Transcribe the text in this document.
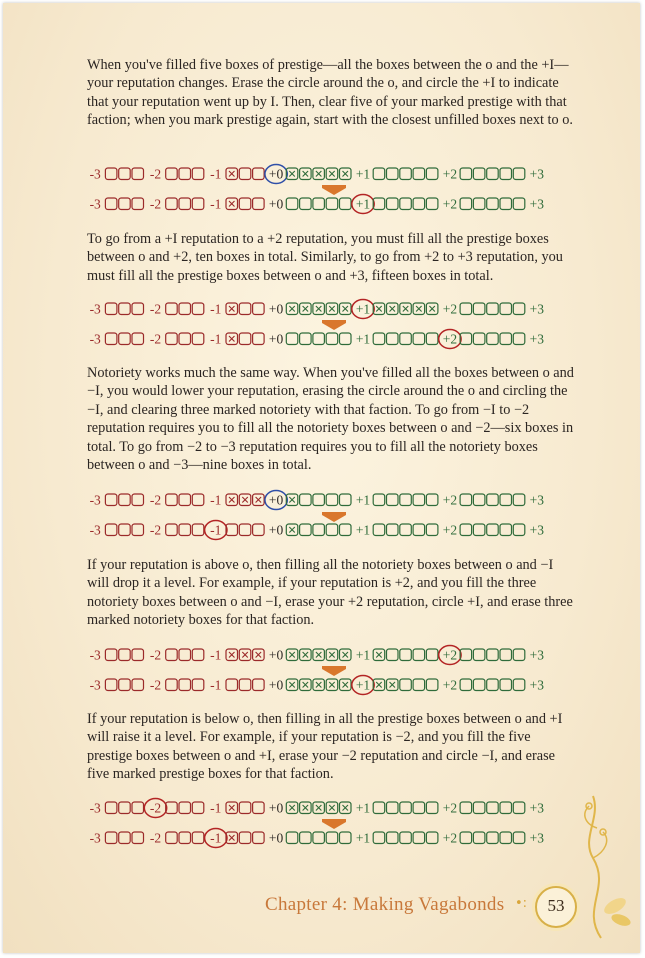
When you've filled five boxes of prestige—all the boxes between the o and the +I—your reputation changes. Erase the circle around the o, and circle the +I to indicate that your reputation went up by I. Then, clear five of your marked prestige with that faction; when you mark prestige again, start with the closest unfilled boxes next to o.

-3	-2	-1	+0	+1	+2	+3
-3	-2	-1	+0	+1	+2	+3

To go from a +I reputation to a +2 reputation, you must fill all the prestige boxes between o and +2, ten boxes in total. Similarly, to go from +2 to +3 reputation, you must fill all the prestige boxes between o and +3, fifteen boxes in total.

-3	-2	-1	+0	+1	+2	+3
-3	-2	-1	+0	+1	+2	+3

Notoriety works much the same way. When you've filled all the boxes between o and −I, you would lower your reputation, erasing the circle around the o and circling the −I, and clearing three marked notoriety with that faction. To go from −I to −2 reputation requires you to fill all the notoriety boxes between o and −2—six boxes in total. To go from −2 to −3 reputation requires you to fill all the notoriety boxes between o and −3—nine boxes in total.

-3	-2	-1	+0	+1	+2	+3
-3	-2	-1	+0	+1	+2	+3

If your reputation is above o, then filling all the notoriety boxes between o and −I will drop it a level. For example, if your reputation is +2, and you fill the three notoriety boxes between o and −I, erase your +2 reputation, circle +I, and erase three marked notoriety boxes for that faction.

-3	-2	-1	+0	+1	+2	+3
-3	-2	-1	+0	+1	+2	+3

If your reputation is below o, then filling in all the prestige boxes between o and +I will raise it a level. For example, if your reputation is −2, and you fill the five prestige boxes between o and +I, erase your −2 reputation and circle −I, and erase five marked prestige boxes for that faction.

-3	-2	-1	+0	+1	+2	+3
-3	-2	-1	+0	+1	+2	+3
Chapter 4: Making Vagabonds •:	53
